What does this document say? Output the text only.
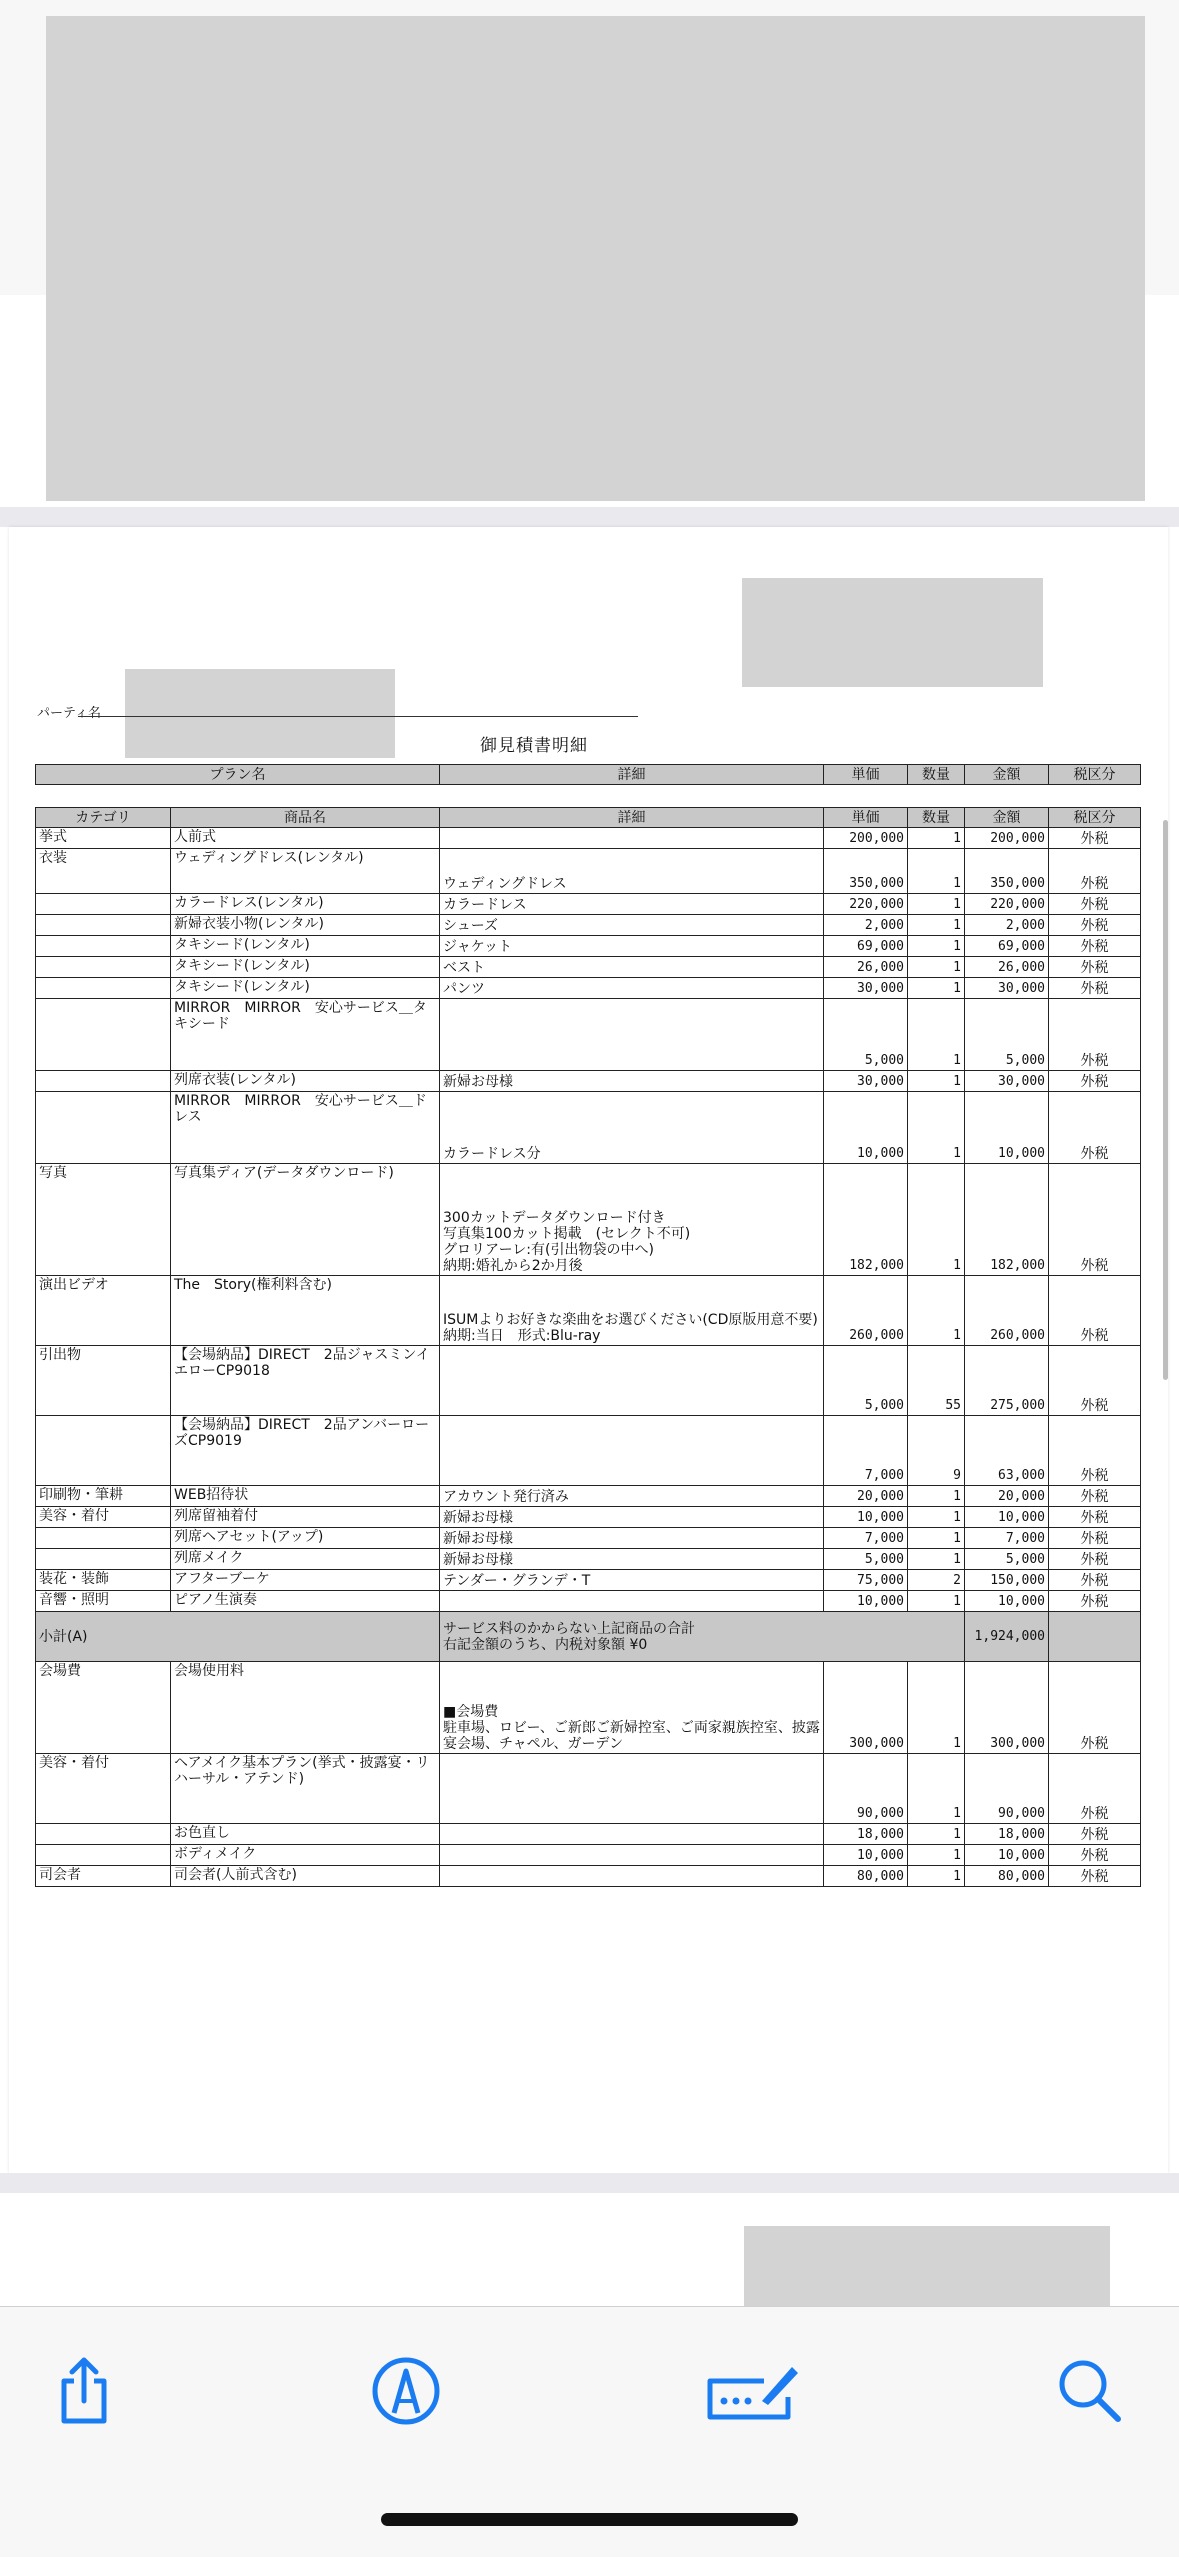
パーティ名
御見積書明細
プラン名	詳細	単価	数量	金額	税区分
カテゴリ	商品名	詳細	単価	数量	金額	税区分
挙式	人前式		200,000	1	200,000	外税
衣装	ウェディングドレス(レンタル)	ウェディングドレス	350,000	1	350,000	外税
	カラードレス(レンタル)	カラードレス	220,000	1	220,000	外税
	新婦衣装小物(レンタル)	シューズ	2,000	1	2,000	外税
	タキシード(レンタル)	ジャケット	69,000	1	69,000	外税
	タキシード(レンタル)	ベスト	26,000	1	26,000	外税
	タキシード(レンタル)	パンツ	30,000	1	30,000	外税
	MIRROR　MIRROR　安心サービス＿タキシード		5,000	1	5,000	外税
	列席衣装(レンタル)	新婦お母様	30,000	1	30,000	外税
	MIRROR　MIRROR　安心サービス＿ドレス	カラードレス分	10,000	1	10,000	外税
写真	写真集ディア(データダウンロード)	300カットデータダウンロード付き
写真集100カット掲載　(セレクト不可)
グロリアーレ:有(引出物袋の中へ)
納期:婚礼から2か月後	182,000	1	182,000	外税
演出ビデオ	The　Story(権利料含む)	ISUMよりお好きな楽曲をお選びください(CD原版用意不要)
納期:当日　形式:Blu-ray	260,000	1	260,000	外税
引出物	【会場納品】DIRECT　2品ジャスミンイエローCP9018		5,000	55	275,000	外税
	【会場納品】DIRECT　2品アンバーローズCP9019		7,000	9	63,000	外税
印刷物・筆耕	WEB招待状	アカウント発行済み	20,000	1	20,000	外税
美容・着付	列席留袖着付	新婦お母様	10,000	1	10,000	外税
	列席ヘアセット(アップ)	新婦お母様	7,000	1	7,000	外税
	列席メイク	新婦お母様	5,000	1	5,000	外税
装花・装飾	アフターブーケ	テンダー・グランデ・T	75,000	2	150,000	外税
音響・照明	ピアノ生演奏		10,000	1	10,000	外税
小計(A)		サービス料のかからない上記商品の合計
右記金額のうち、内税対象額 ¥0			1,924,000	
会場費	会場使用料	■会場費
駐車場、ロビー、ご新郎ご新婦控室、ご両家親族控室、披露宴会場、チャペル、ガーデン	300,000	1	300,000	外税
美容・着付	ヘアメイク基本プラン(挙式・披露宴・リハーサル・アテンド)		90,000	1	90,000	外税
	お色直し		18,000	1	18,000	外税
	ボディメイク		10,000	1	10,000	外税
司会者	司会者(人前式含む)		80,000	1	80,000	外税
